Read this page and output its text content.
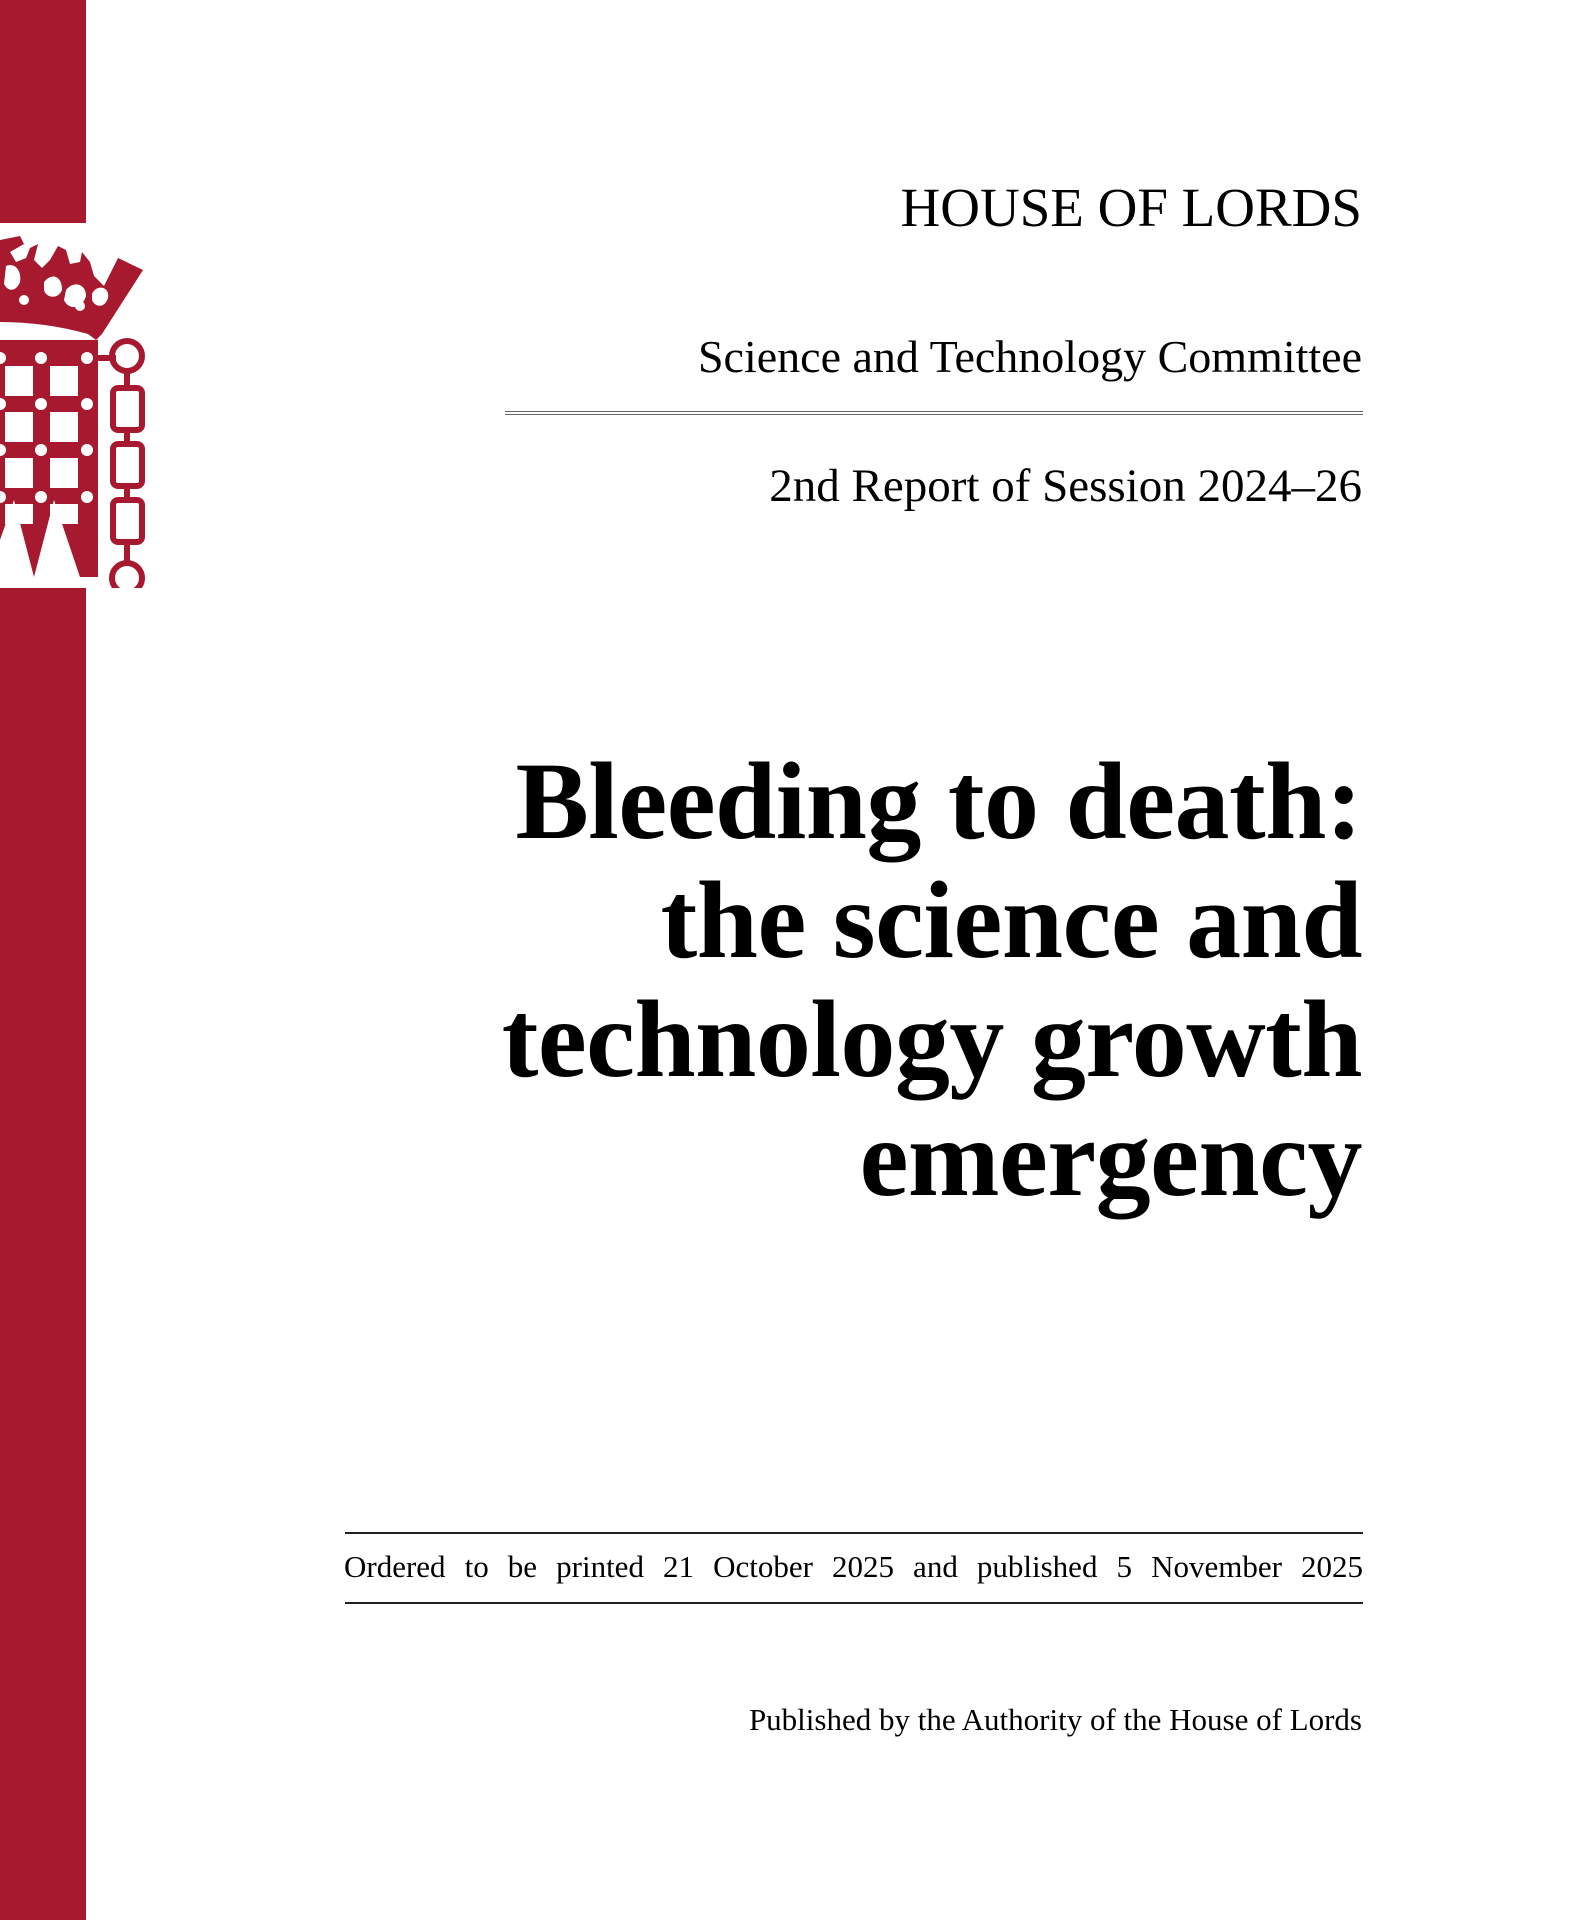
HOUSE OF LORDS
Science and Technology Committee
2nd Report of Session 2024–26
Bleeding to death:
the science and
technology growth
emergency
Ordered to be printed 21 October 2025 and published 5 November 2025
Published by the Authority of the House of Lords
